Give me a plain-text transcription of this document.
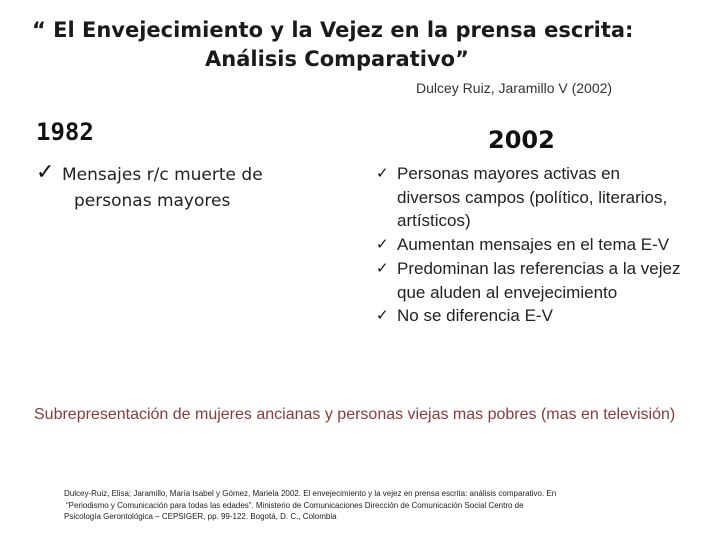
“ El Envejecimiento y la Vejez en la prensa escrita:
Análisis Comparativo”
Dulcey Ruiz, Jaramillo V (2002)
1982	2002
✓ Mensajes r/c muerte de personas mayores
✓ Personas mayores activas en diversos campos (político, literarios, artísticos)
✓ Aumentan mensajes en el tema E-V
✓ Predominan las referencias a la vejez que aluden al envejecimiento
✓ No se diferencia E-V
Subrepresentación de mujeres ancianas y personas viejas mas pobres (mas en televisión)
Dulcey-Ruiz, Elisa; Jaramillo, María Isabel y Gómez, Mariela 2002. El envejecimiento y la vejez en prensa escrita: análisis comparativo. En
“Periodismo y Comunicación para todas las edades”. Ministerio de Comunicaciones Dirección de Comunicación Social Centro de
Psicología Gerontológica – CEPSIGER, pp. 99-122. Bogotá, D. C., Colombia
